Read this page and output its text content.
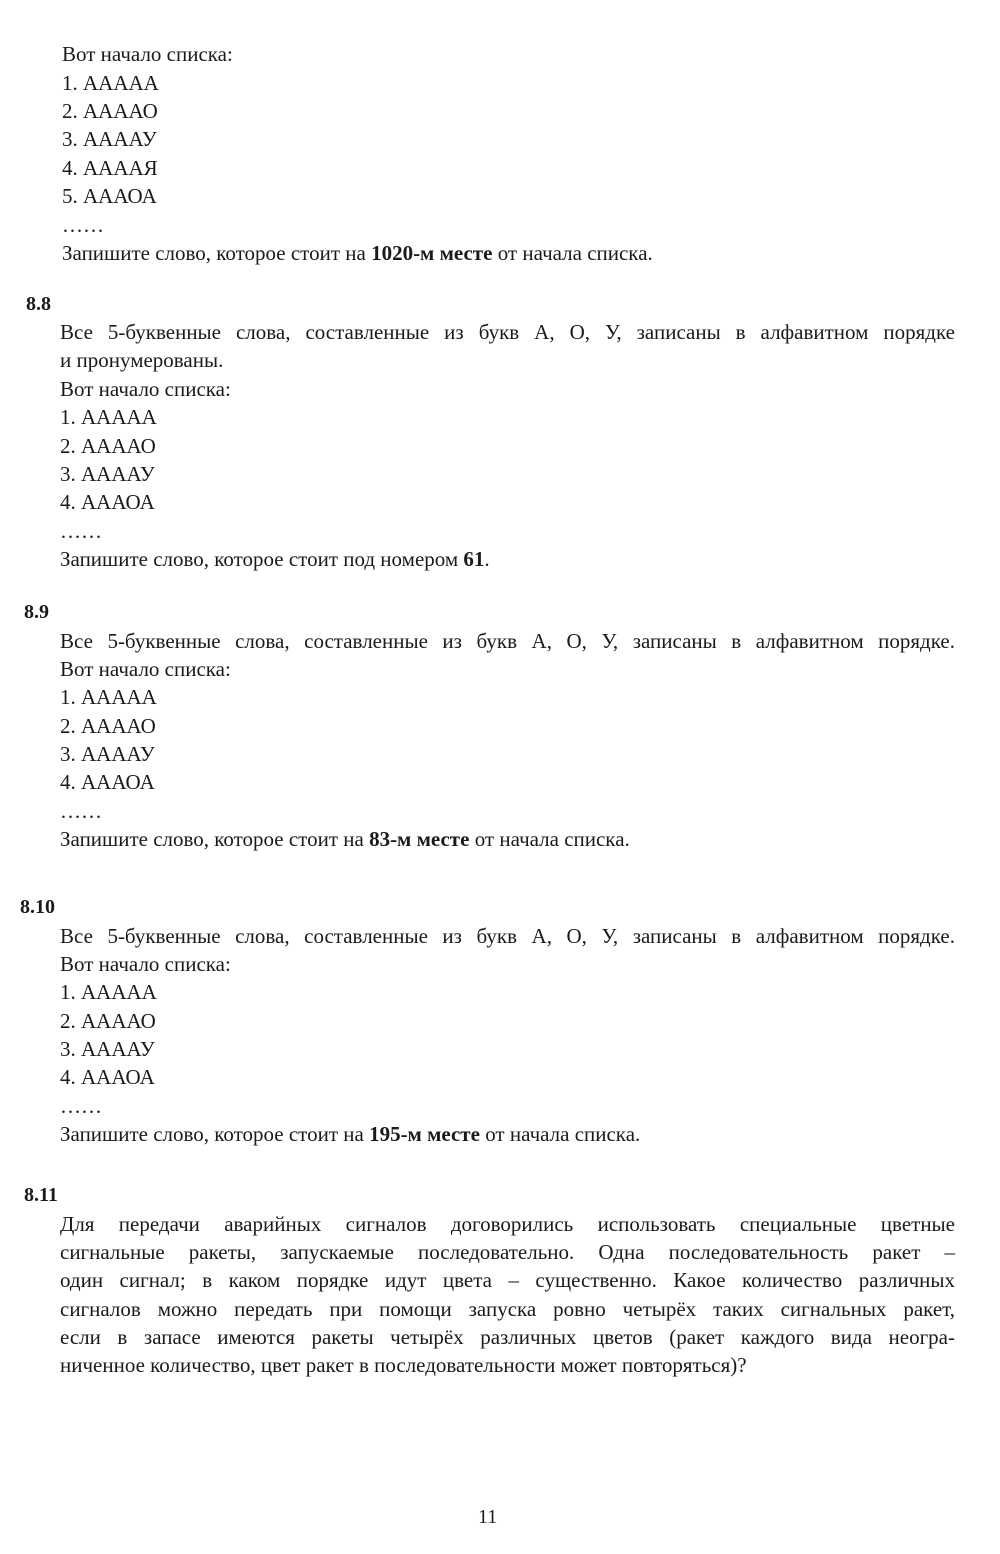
Вот начало списка:
1. ААААА
2. ААААО
3. ААААУ
4. ААААЯ
5. АААОА
……
Запишите слово, которое стоит на 1020-м месте от начала списка.
8.8
Все 5-буквенные слова, составленные из букв А, О, У, записаны в алфавитном порядке
и пронумерованы.
Вот начало списка:
1. ААААА
2. ААААО
3. ААААУ
4. АААОА
……
Запишите слово, которое стоит под номером 61.
8.9
Все 5-буквенные слова, составленные из букв А, О, У, записаны в алфавитном порядке.
Вот начало списка:
1. ААААА
2. ААААО
3. ААААУ
4. АААОА
……
Запишите слово, которое стоит на 83-м месте от начала списка.
8.10
Все 5-буквенные слова, составленные из букв А, О, У, записаны в алфавитном порядке.
Вот начало списка:
1. ААААА
2. ААААО
3. ААААУ
4. АААОА
……
Запишите слово, которое стоит на 195-м месте от начала списка.
8.11
Для передачи аварийных сигналов договорились использовать специальные цветные
сигнальные ракеты, запускаемые последовательно. Одна последовательность ракет –
один сигнал; в каком порядке идут цвета – существенно. Какое количество различных
сигналов можно передать при помощи запуска ровно четырёх таких сигнальных ракет,
если в запасе имеются ракеты четырёх различных цветов (ракет каждого вида неогра-
ниченное количество, цвет ракет в последовательности может повторяться)?
11
